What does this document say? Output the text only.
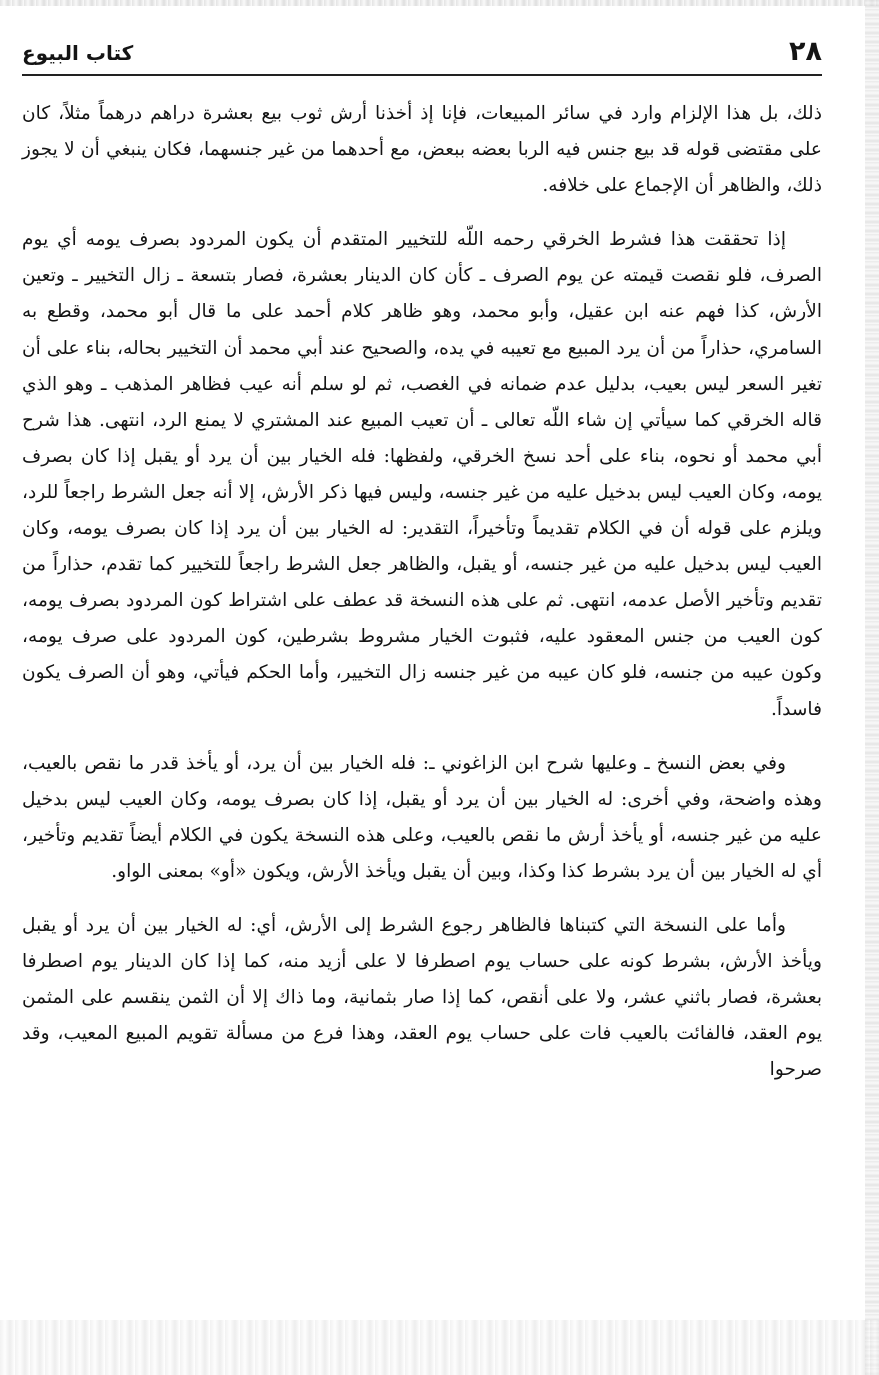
٢٨
كتاب البيوع

ذلك، بل هذا الإلزام وارد في سائر المبيعات، فإنا إذ أخذنا أرش ثوب بيع بعشرة دراهم درهماً مثلاً، كان على مقتضى قوله قد بيع جنس فيه الربا بعضه ببعض، مع أحدهما من غير جنسهما، فكان ينبغي أن لا يجوز ذلك، والظاهر أن الإجماع على خلافه.

إذا تحققت هذا فشرط الخرقي رحمه اللّه للتخيير المتقدم أن يكون المردود بصرف يومه أي يوم الصرف، فلو نقصت قيمته عن يوم الصرف ـ كأن كان الدينار بعشرة، فصار بتسعة ـ زال التخيير ـ وتعين الأرش، كذا فهم عنه ابن عقيل، وأبو محمد، وهو ظاهر كلام أحمد على ما قال أبو محمد، وقطع به السامري، حذاراً من أن يرد المبيع مع تعيبه في يده، والصحيح عند أبي محمد أن التخيير بحاله، بناء على أن تغير السعر ليس بعيب، بدليل عدم ضمانه في الغصب، ثم لو سلم أنه عيب فظاهر المذهب ـ وهو الذي قاله الخرقي كما سيأتي إن شاء اللّه تعالى ـ أن تعيب المبيع عند المشتري لا يمنع الرد، انتهى. هذا شرح أبي محمد أو نحوه، بناء على أحد نسخ الخرقي، ولفظها: فله الخيار بين أن يرد أو يقبل إذا كان بصرف يومه، وكان العيب ليس بدخيل عليه من غير جنسه، وليس فيها ذكر الأرش، إلا أنه جعل الشرط راجعاً للرد، ويلزم على قوله أن في الكلام تقديماً وتأخيراً، التقدير: له الخيار بين أن يرد إذا كان بصرف يومه، وكان العيب ليس بدخيل عليه من غير جنسه، أو يقبل، والظاهر جعل الشرط راجعاً للتخيير كما تقدم، حذاراً من تقديم وتأخير الأصل عدمه، انتهى. ثم على هذه النسخة قد عطف على اشتراط كون المردود بصرف يومه، كون العيب من جنس المعقود عليه، فثبوت الخيار مشروط بشرطين، كون المردود على صرف يومه، وكون عيبه من جنسه، فلو كان عيبه من غير جنسه زال التخيير، وأما الحكم فيأتي، وهو أن الصرف يكون فاسداً.

وفي بعض النسخ ـ وعليها شرح ابن الزاغوني ـ: فله الخيار بين أن يرد، أو يأخذ قدر ما نقص بالعيب، وهذه واضحة، وفي أخرى: له الخيار بين أن يرد أو يقبل، إذا كان بصرف يومه، وكان العيب ليس بدخيل عليه من غير جنسه، أو يأخذ أرش ما نقص بالعيب، وعلى هذه النسخة يكون في الكلام أيضاً تقديم وتأخير، أي له الخيار بين أن يرد بشرط كذا وكذا، وبين أن يقبل ويأخذ الأرش، ويكون «أو» بمعنى الواو.

وأما على النسخة التي كتبناها فالظاهر رجوع الشرط إلى الأرش، أي: له الخيار بين أن يرد أو يقبل ويأخذ الأرش، بشرط كونه على حساب يوم اصطرفا لا على أزيد منه، كما إذا كان الدينار يوم اصطرفا بعشرة، فصار باثني عشر، ولا على أنقص، كما إذا صار بثمانية، وما ذاك إلا أن الثمن ينقسم على المثمن يوم العقد، فالفائت بالعيب فات على حساب يوم العقد، وهذا فرع من مسألة تقويم المبيع المعيب، وقد صرحوا
